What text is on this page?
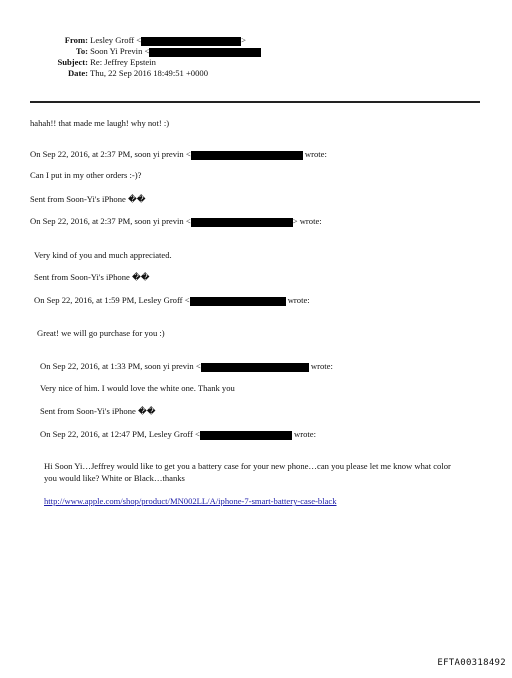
From: Lesley Groff <	>
To: Soon Yi Previn <
Subject: Re: Jeffrey Epstein
Date: Thu, 22 Sep 2016 18:49:51 +0000
hahah!! that made me laugh! why not! :)
On Sep 22, 2016, at 2:37 PM, soon yi previn <	wrote:
Can I put in my other orders :-)?
Sent from Soon-Yi's iPhone ��
On Sep 22, 2016, at 2:37 PM, soon yi previn <	> wrote:
Very kind of you and much appreciated.
Sent from Soon-Yi's iPhone ��
On Sep 22, 2016, at 1:59 PM, Lesley Groff <	wrote:
Great! we will go purchase for you :)
On Sep 22, 2016, at 1:33 PM, soon yi previn <	wrote:
Very nice of him. I would love the white one. Thank you
Sent from Soon-Yi's iPhone ��
On Sep 22, 2016, at 12:47 PM, Lesley Groff <	wrote:
Hi Soon Yi…Jeffrey would like to get you a battery case for your new phone…can you please let me know what color you would like? White or Black…thanks
http://www.apple.com/shop/product/MN002LL/A/iphone-7-smart-battery-case-black
EFTA00318492
